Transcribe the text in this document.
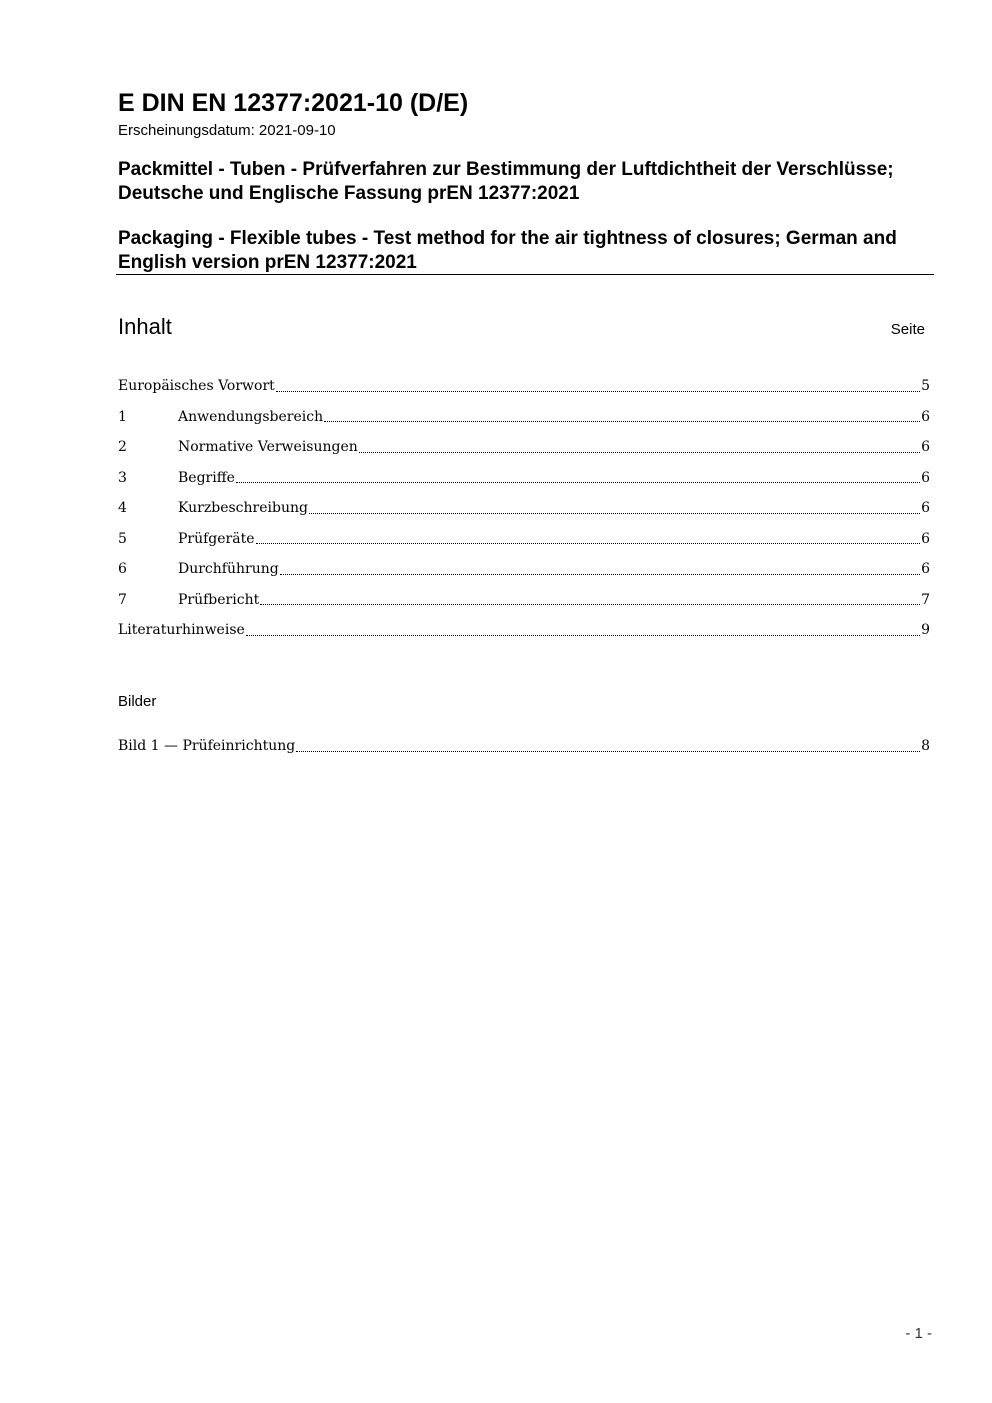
E DIN EN 12377:2021-10 (D/E)
Erscheinungsdatum: 2021-09-10

Packmittel - Tuben - Prüfverfahren zur Bestimmung der Luftdichtheit der Verschlüsse; Deutsche und Englische Fassung prEN 12377:2021

Packaging - Flexible tubes - Test method for the air tightness of closures; German and English version prEN 12377:2021

Inhalt	Seite
Europäisches Vorwort	5
1	Anwendungsbereich	6
2	Normative Verweisungen	6
3	Begriffe	6
4	Kurzbeschreibung	6
5	Prüfgeräte	6
6	Durchführung	6
7	Prüfbericht	7
Literaturhinweise	9
Bilder
Bild 1 — Prüfeinrichtung	8
- 1 -
